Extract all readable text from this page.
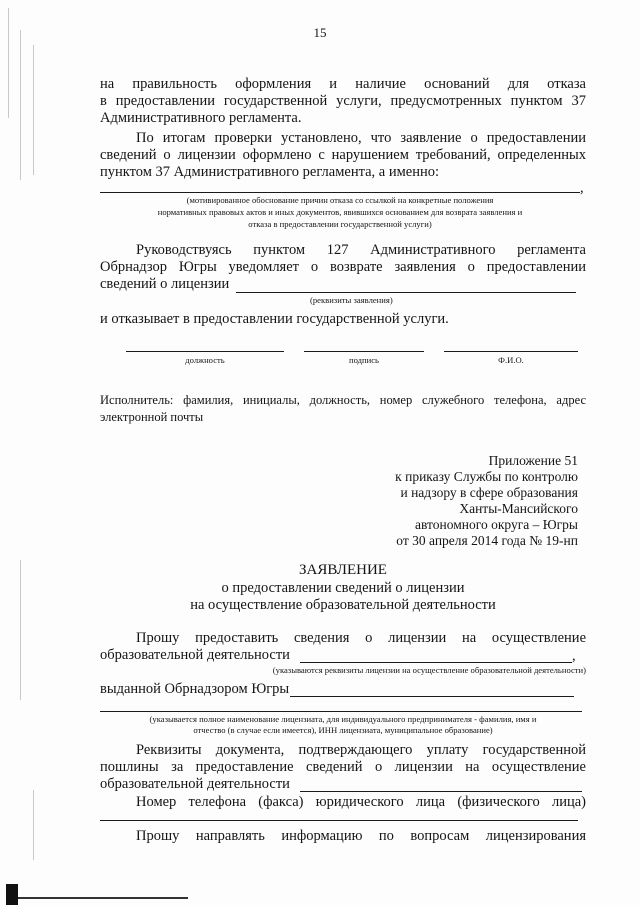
15
на правильность оформления и наличие оснований для отказа
в предоставлении государственной услуги, предусмотренных пунктом 37
Административного регламента.
По итогам проверки установлено, что заявление о предоставлении
сведений о лицензии оформлено с нарушением требований, определенных
пунктом 37 Административного регламента, а именно:
,
(мотивированное обоснование причин отказа со ссылкой на конкретные положения
нормативных правовых актов и иных документов, явившихся основанием для возврата заявления и
отказа в предоставлении государственной услуги)
Руководствуясь пунктом 127 Административного регламента
Обрнадзор Югры уведомляет о возврате заявления о предоставлении
сведений о лицензии
(реквизиты заявления)
и отказывает в предоставлении государственной услуги.
должность	подпись	Ф.И.О.
Исполнитель: фамилия, инициалы, должность, номер служебного телефона, адрес
электронной почты
Приложение 51
к приказу Службы по контролю
и надзору в сфере образования
Ханты-Мансийского
автономного округа – Югры
от 30 апреля 2014 года № 19-нп
ЗАЯВЛЕНИЕ
о предоставлении сведений о лицензии
на осуществление образовательной деятельности
Прошу предоставить сведения о лицензии на осуществление
образовательной деятельности	,
(указываются реквизиты лицензии на осуществление образовательной деятельности)
выданной Обрнадзором Югры
(указывается полное наименование лицензиата, для индивидуального предпринимателя - фамилия, имя и
отчество (в случае если имеется), ИНН лицензиата, муниципальное образование)
Реквизиты документа, подтверждающего уплату государственной
пошлины за предоставление сведений о лицензии на осуществление
образовательной деятельности
Номер телефона (факса) юридического лица (физического лица)
Прошу направлять информацию по вопросам лицензирования
